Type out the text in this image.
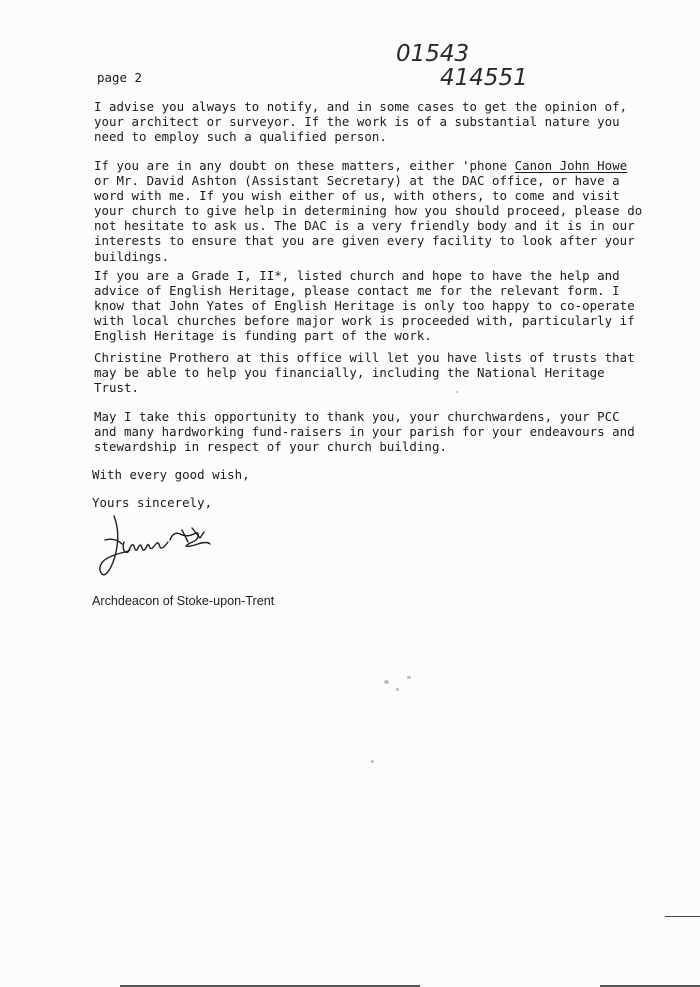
page 2
01543
414551

I advise you always to notify, and in some cases to get the opinion of,
your architect or surveyor. If the work is of a substantial nature you
need to employ such a qualified person.

If you are in any doubt on these matters, either 'phone Canon John Howe
or Mr. David Ashton (Assistant Secretary) at the DAC office, or have a
word with me. If you wish either of us, with others, to come and visit
your church to give help in determining how you should proceed, please do
not hesitate to ask us. The DAC is a very friendly body and it is in our
interests to ensure that you are given every facility to look after your
buildings.

If you are a Grade I, II*, listed church and hope to have the help and
advice of English Heritage, please contact me for the relevant form. I
know that John Yates of English Heritage is only too happy to co-operate
with local churches before major work is proceeded with, particularly if
English Heritage is funding part of the work.

Christine Prothero at this office will let you have lists of trusts that
may be able to help you financially, including the National Heritage
Trust.

May I take this opportunity to thank you, your churchwardens, your PCC
and many hardworking fund-raisers in your parish for your endeavours and
stewardship in respect of your church building.

With every good wish,

Yours sincerely,

Archdeacon of Stoke-upon-Trent
